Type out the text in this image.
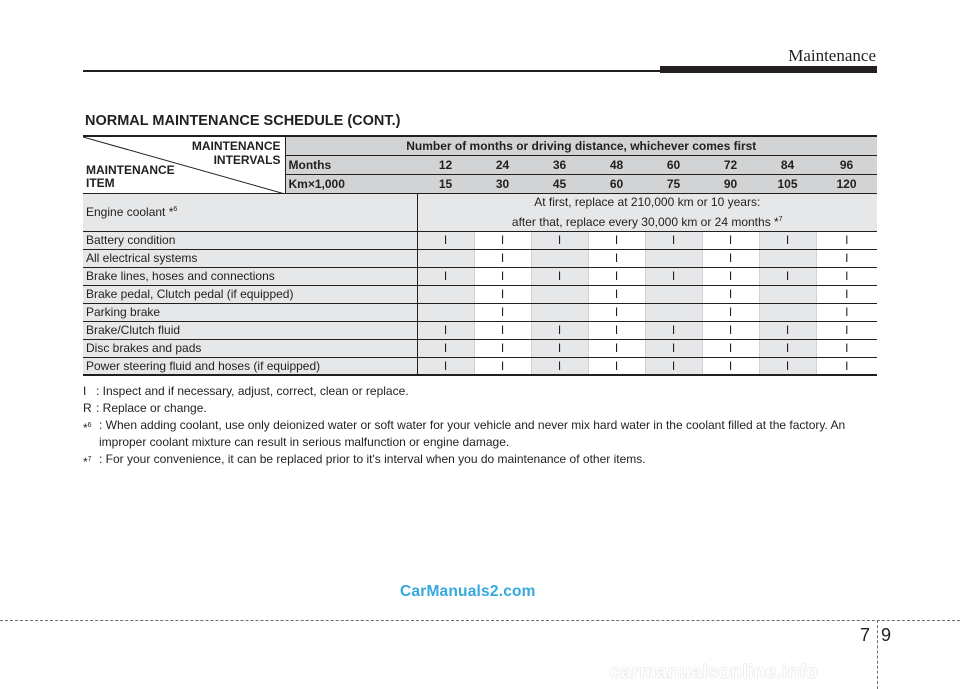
Maintenance
NORMAL MAINTENANCE SCHEDULE (CONT.)
MAINTENANCE
INTERVALS
MAINTENANCE
ITEM	Number of months or driving distance, whichever comes first								
	Months	12	24	36	48	60	72	84	96
	Km×1,000	15	30	45	60	75	90	105	120
Engine coolant *$^6$		At first, replace at 210,000 km or 10 years:
after that, replace every 30,000 km or 24 months *$^7$
Battery condition		I	I	I	I	I	I	I	I
All electrical systems			I		I		I		I
Brake lines, hoses and connections		I	I	I	I	I	I	I	I
Brake pedal, Clutch pedal (if equipped)			I		I		I		I
Parking brake			I		I		I		I
Brake/Clutch fluid		I	I	I	I	I	I	I	I
Disc brakes and pads		I	I	I	I	I	I	I	I
Power steering fluid and hoses (if equipped)		I	I	I	I	I	I	I	I
I : Inspect and if necessary, adjust, correct, clean or replace.
R : Replace or change.
*$^6$ : When adding coolant, use only deionized water or soft water for your vehicle and never mix hard water in the coolant filled at the factory. An improper coolant mixture can result in serious malfunction or engine damage.
*$^7$ : For your convenience, it can be replaced prior to it's interval when you do maintenance of other items.
CarManuals2.com
79
carmanualsonline.info
